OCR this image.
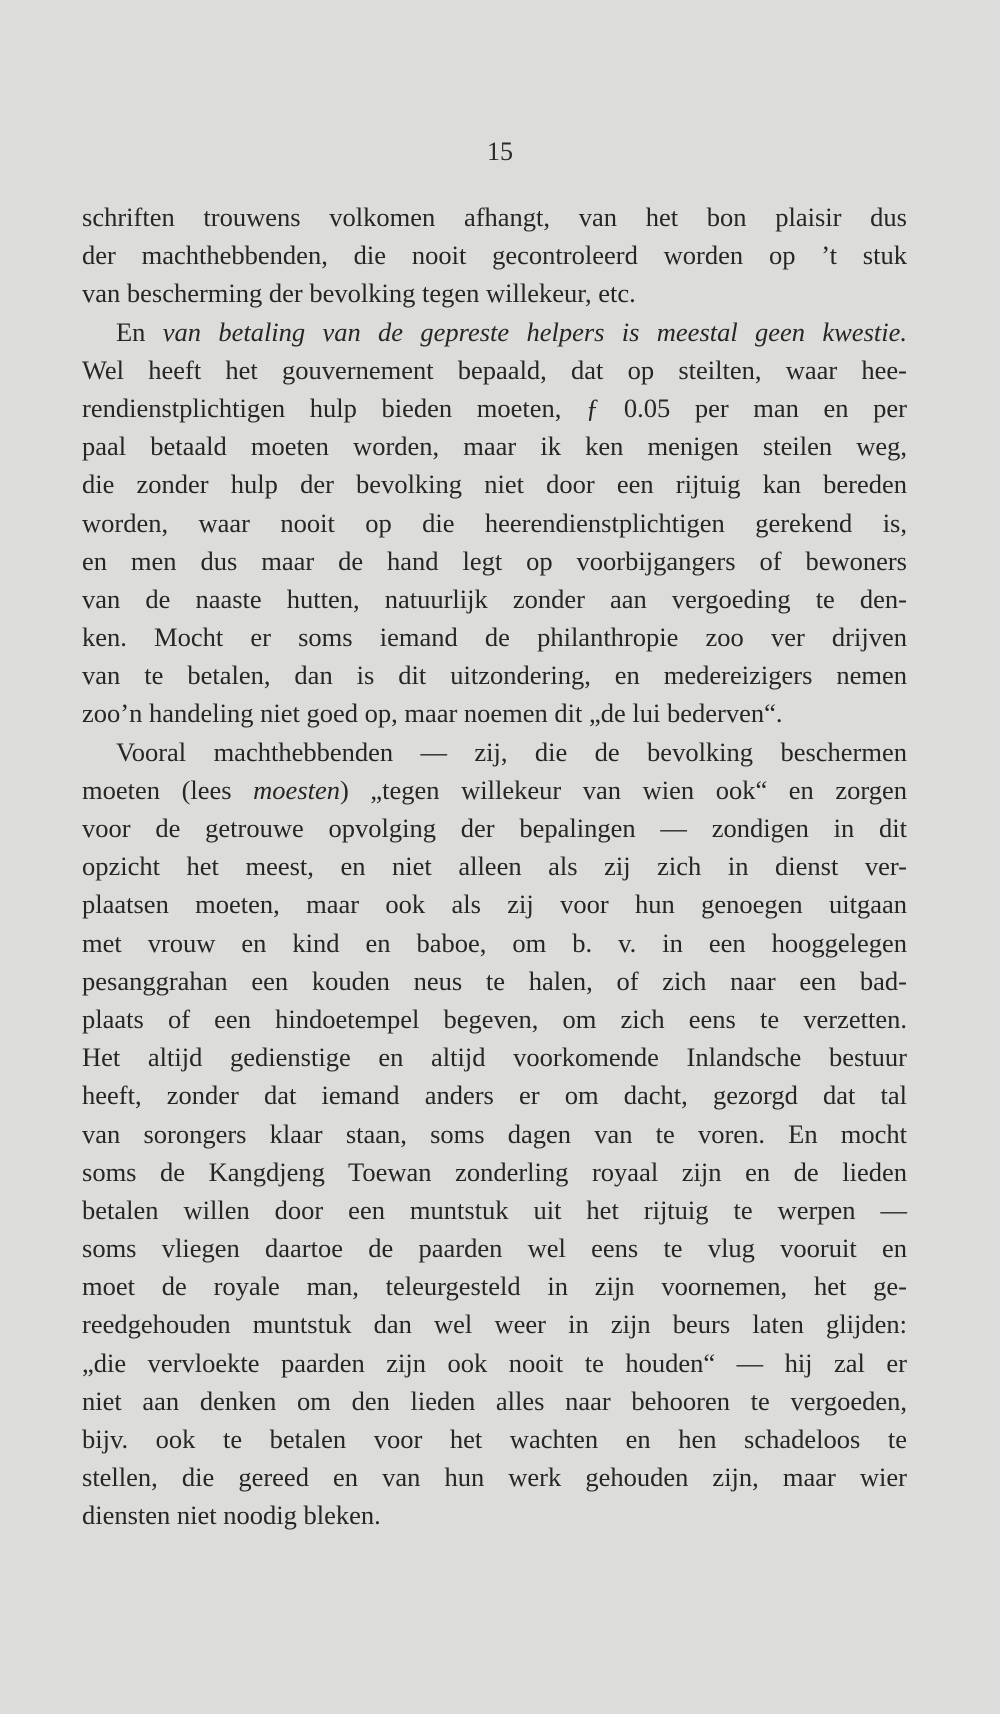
15
schriften trouwens volkomen afhangt, van het bon plaisir dus
der machthebbenden, die nooit gecontroleerd worden op ’t stuk
van bescherming der bevolking tegen willekeur, etc.
En van betaling van de gepreste helpers is meestal geen kwestie.
Wel heeft het gouvernement bepaald, dat op steilten, waar hee-
rendienstplichtigen hulp bieden moeten, ƒ 0.05 per man en per
paal betaald moeten worden, maar ik ken menigen steilen weg,
die zonder hulp der bevolking niet door een rijtuig kan bereden
worden, waar nooit op die heerendienstplichtigen gerekend is,
en men dus maar de hand legt op voorbijgangers of bewoners
van de naaste hutten, natuurlijk zonder aan vergoeding te den-
ken. Mocht er soms iemand de philanthropie zoo ver drijven
van te betalen, dan is dit uitzondering, en medereizigers nemen
zoo’n handeling niet goed op, maar noemen dit „de lui bederven“.
Vooral machthebbenden — zij, die de bevolking beschermen
moeten (lees moesten) „tegen willekeur van wien ook“ en zorgen
voor de getrouwe opvolging der bepalingen — zondigen in dit
opzicht het meest, en niet alleen als zij zich in dienst ver-
plaatsen moeten, maar ook als zij voor hun genoegen uitgaan
met vrouw en kind en baboe, om b. v. in een hooggelegen
pesanggrahan een kouden neus te halen, of zich naar een bad-
plaats of een hindoetempel begeven, om zich eens te verzetten.
Het altijd gedienstige en altijd voorkomende Inlandsche bestuur
heeft, zonder dat iemand anders er om dacht, gezorgd dat tal
van sorongers klaar staan, soms dagen van te voren. En mocht
soms de Kangdjeng Toewan zonderling royaal zijn en de lieden
betalen willen door een muntstuk uit het rijtuig te werpen —
soms vliegen daartoe de paarden wel eens te vlug vooruit en
moet de royale man, teleurgesteld in zijn voornemen, het ge-
reedgehouden muntstuk dan wel weer in zijn beurs laten glijden:
„die vervloekte paarden zijn ook nooit te houden“ — hij zal er
niet aan denken om den lieden alles naar behooren te vergoeden,
bijv. ook te betalen voor het wachten en hen schadeloos te
stellen, die gereed en van hun werk gehouden zijn, maar wier
diensten niet noodig bleken.
